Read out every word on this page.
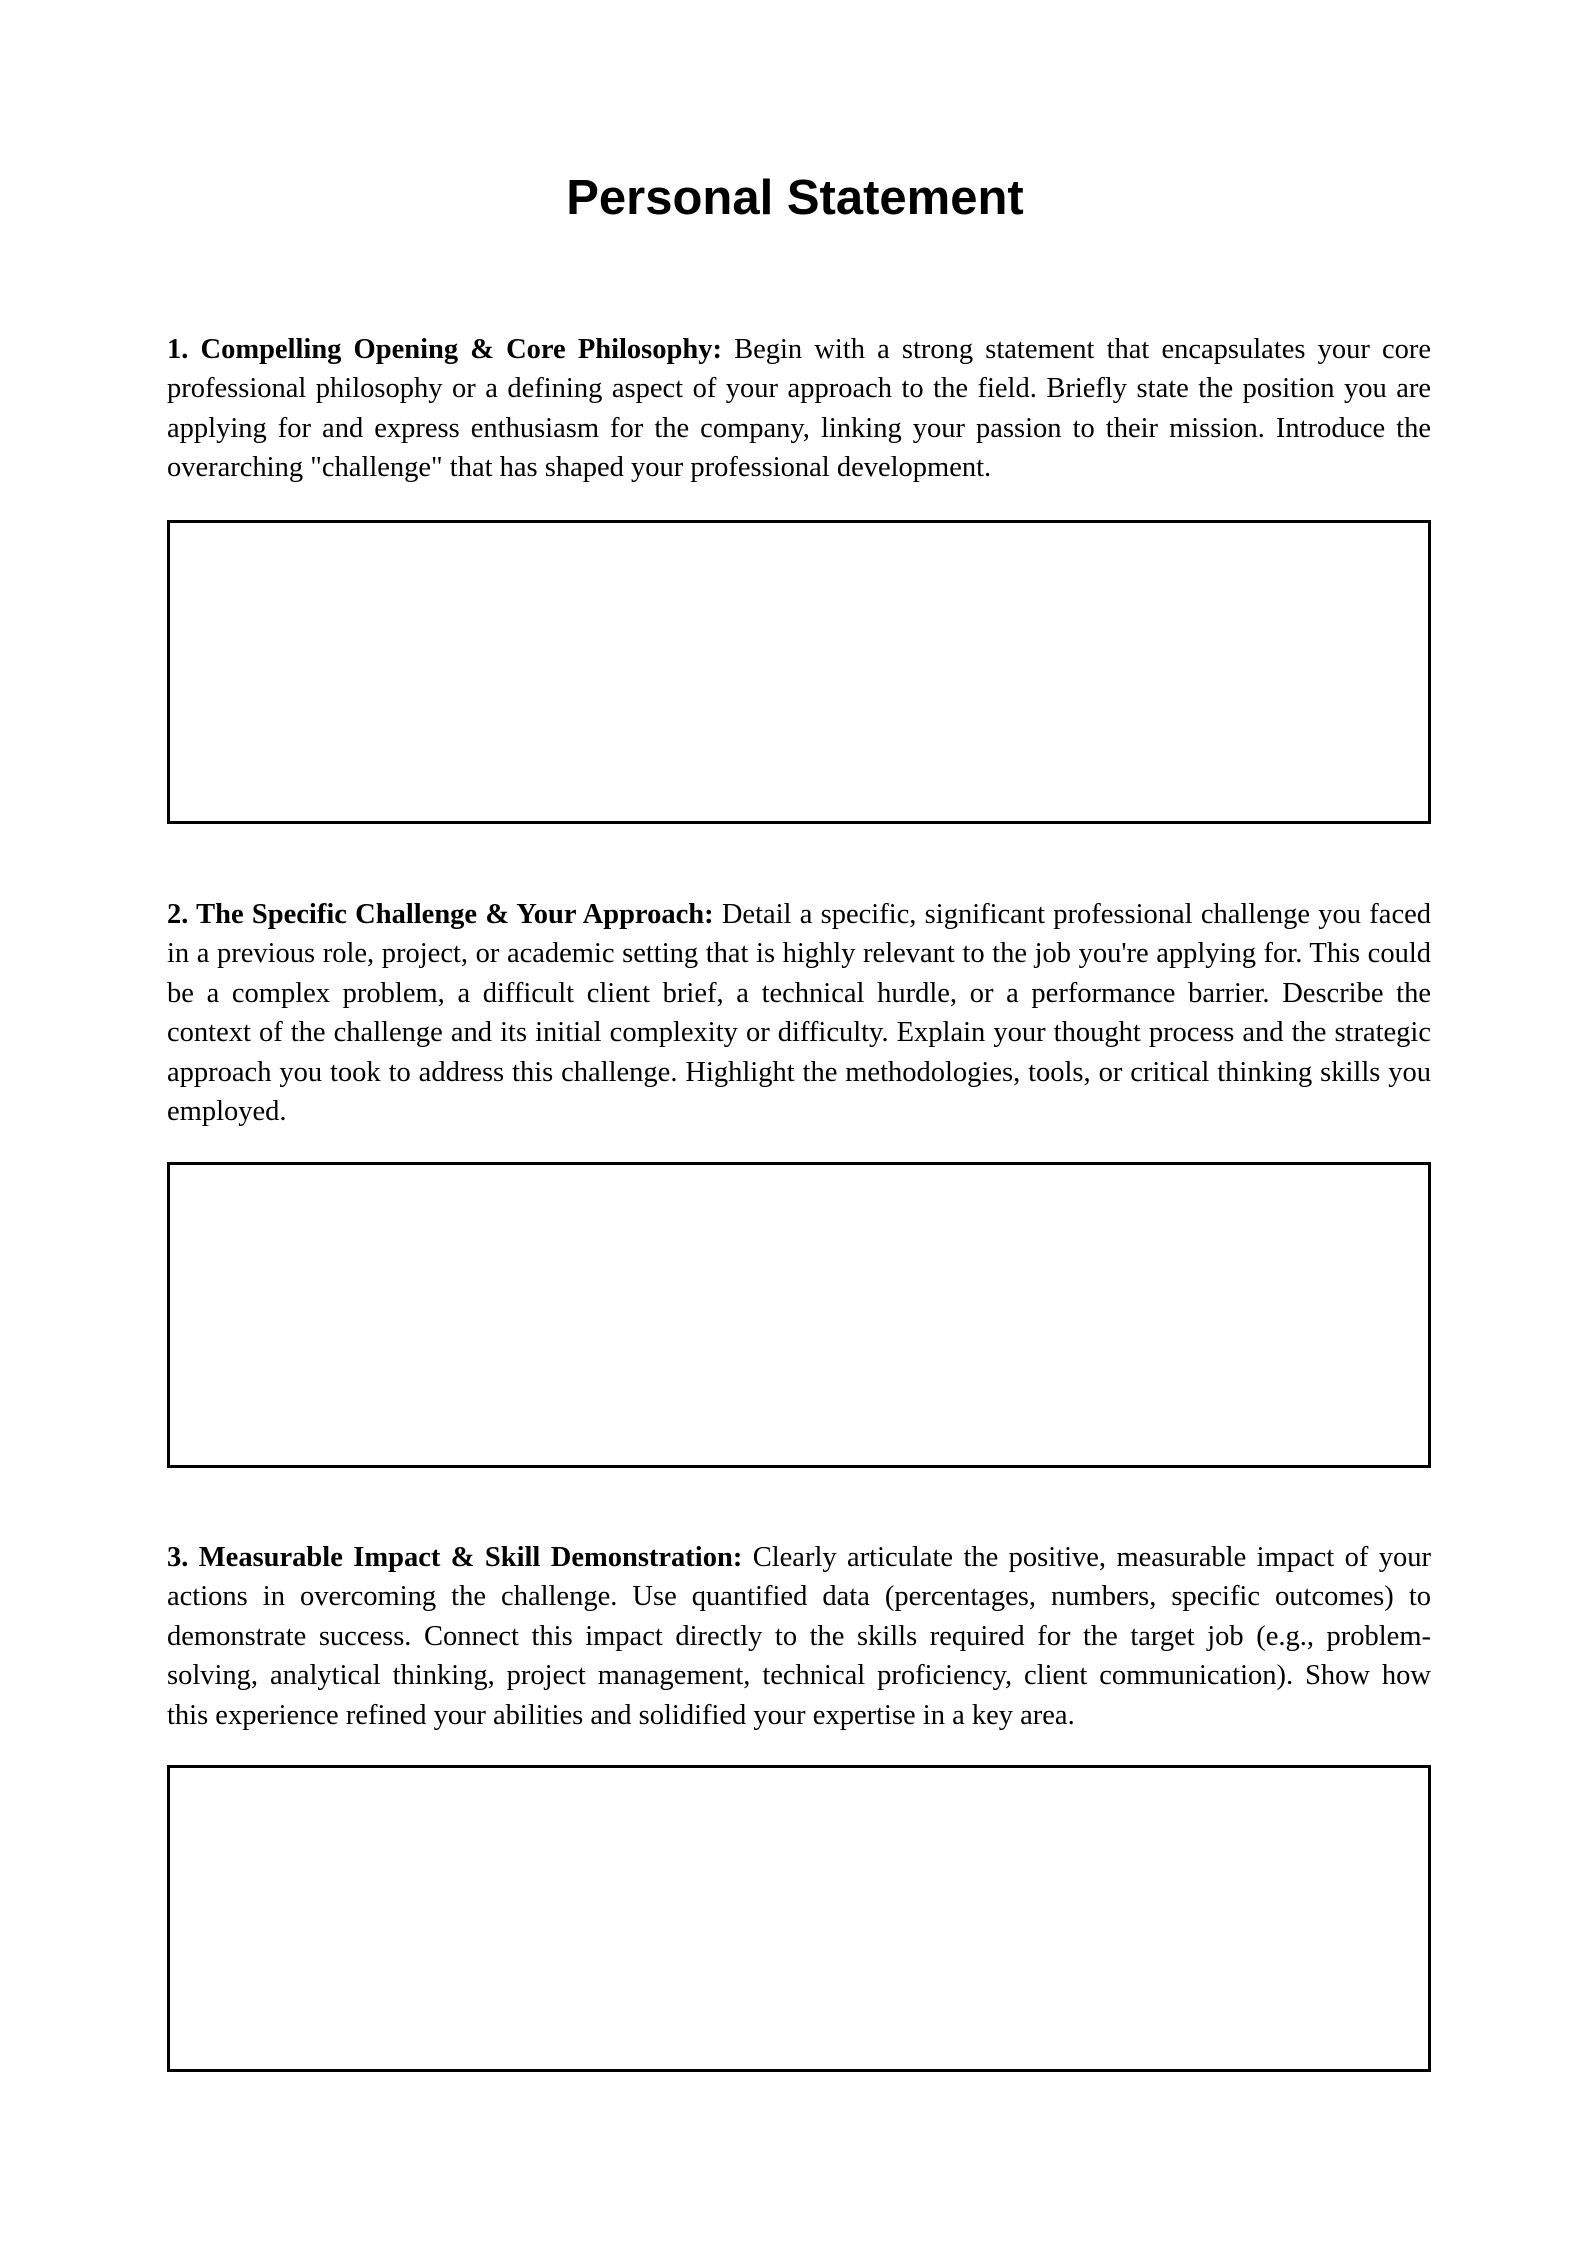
Personal Statement

1. Compelling Opening & Core Philosophy: Begin with a strong statement that encapsulates your core professional philosophy or a defining aspect of your approach to the field. Briefly state the position you are applying for and express enthusiasm for the company, linking your passion to their mission. Introduce the overarching "challenge" that has shaped your professional development.

2. The Specific Challenge & Your Approach: Detail a specific, significant professional challenge you faced in a previous role, project, or academic setting that is highly relevant to the job you're applying for. This could be a complex problem, a difficult client brief, a technical hurdle, or a performance barrier. Describe the context of the challenge and its initial complexity or difficulty. Explain your thought process and the strategic approach you took to address this challenge. Highlight the methodologies, tools, or critical thinking skills you employed.

3. Measurable Impact & Skill Demonstration: Clearly articulate the positive, measurable impact of your actions in overcoming the challenge. Use quantified data (percentages, numbers, specific outcomes) to demonstrate success. Connect this impact directly to the skills required for the target job (e.g., problem-solving, analytical thinking, project management, technical proficiency, client communication). Show how this experience refined your abilities and solidified your expertise in a key area.
